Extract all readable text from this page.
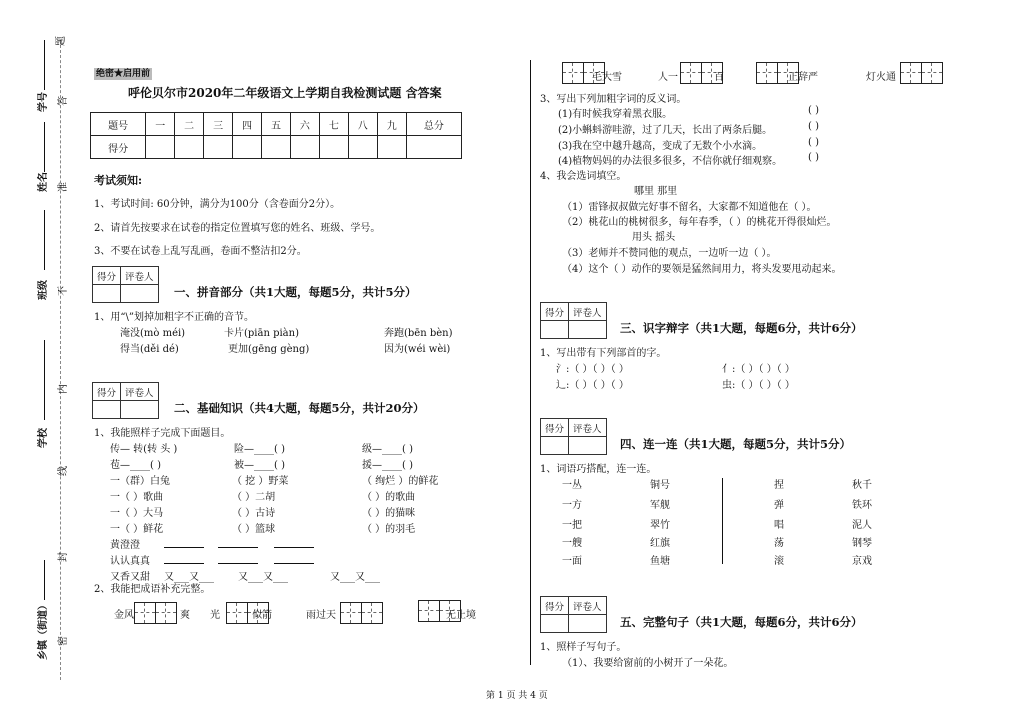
题
学号 答
姓名 准
班级 不
内
学校
线
封
乡镇（街道） 密
绝密★启用前
呼伦贝尔市2020年二年级语文上学期自我检测试题 含答案
题号	一	二	三	四	五	六	七	八	九	总分
得分										
考试须知:
1、考试时间: 60分钟，满分为100分（含卷面分2分）。
2、请首先按要求在试卷的指定位置填写您的姓名、班级、学号。
3、不要在试卷上乱写乱画，卷面不整洁扣2分。
得分	评卷人

一、拼音部分（共1大题，每题5分，共计5分）
1、用“\”划掉加粗字不正确的音节。
淹没(mò méi)	卡片(piān piàn)	奔跑(bēn bèn)
得当(děi dé)	更加(gēng gèng)	因为(wéi wèi)
得分	评卷人

二、基础知识（共4大题，每题5分，共计20分）
1、我能照样子完成下面题目。
传— 转(转 头 )	险—____( )	级—____( )
苞—____( )	被—____( )	援—____( )
一（群）白兔	（ 挖 ）野菜	（ 绚烂 ）的鲜花
一（ ）歌曲	（ ）二胡	（ ）的歌曲
一（ ）大马	（ ）古诗	（ ）的猫咪
一（ ）鲜花	（ ）篮球	（ ）的羽毛
黄澄澄
认认真真
又香又甜 又___又___ 又___又___	又___又___
2、我能把成语补充完整。
金风	爽 光	似箭	雨过天	无止境
毛大雪	人一	百	正辞严	灯火通
3、写出下列加粗字词的反义词。
(1)有时候我穿着黑衣服。	( )
(2)小蝌蚪游哇游，过了几天，长出了两条后腿。	( )
(3)我在空中越升越高，变成了无数个小水滴。	( )
(4)植物妈妈的办法很多很多，不信你就仔细观察。	( )
4、我会选词填空。
哪里 那里
（1）雷锋叔叔做完好事不留名，大家都不知道他在（ ）。
（2）桃花山的桃树很多，每年春季，（ ）的桃花开得很灿烂。
用头 摇头
（3）老师并不赞同他的观点，一边听一边（ ）。
（4）这个（ ）动作的要领是猛然间用力，将头发要甩动起来。
得分	评卷人

三、识字辩字（共1大题，每题6分，共计6分）
1、写出带有下列部首的字。
氵:（ ）（ ）（ ）	亻:（ ）（ ）（ ）
辶:（ ）（ ）（ ）	虫:（ ）（ ）（ ）
得分	评卷人

四、连一连（共1大题，每题5分，共计5分）
1、词语巧搭配，连一连。
一丛	铜号	捏	秋千
一方	军舰	弹	铁环
一把	翠竹	唱	泥人
一艘	红旗	荡	钢琴
一面	鱼塘	滚	京戏
得分	评卷人

五、完整句子（共1大题，每题6分，共计6分）
1、照样子写句子。
（1）、我要给窗前的小树开了一朵花。
第 1 页 共 4 页
